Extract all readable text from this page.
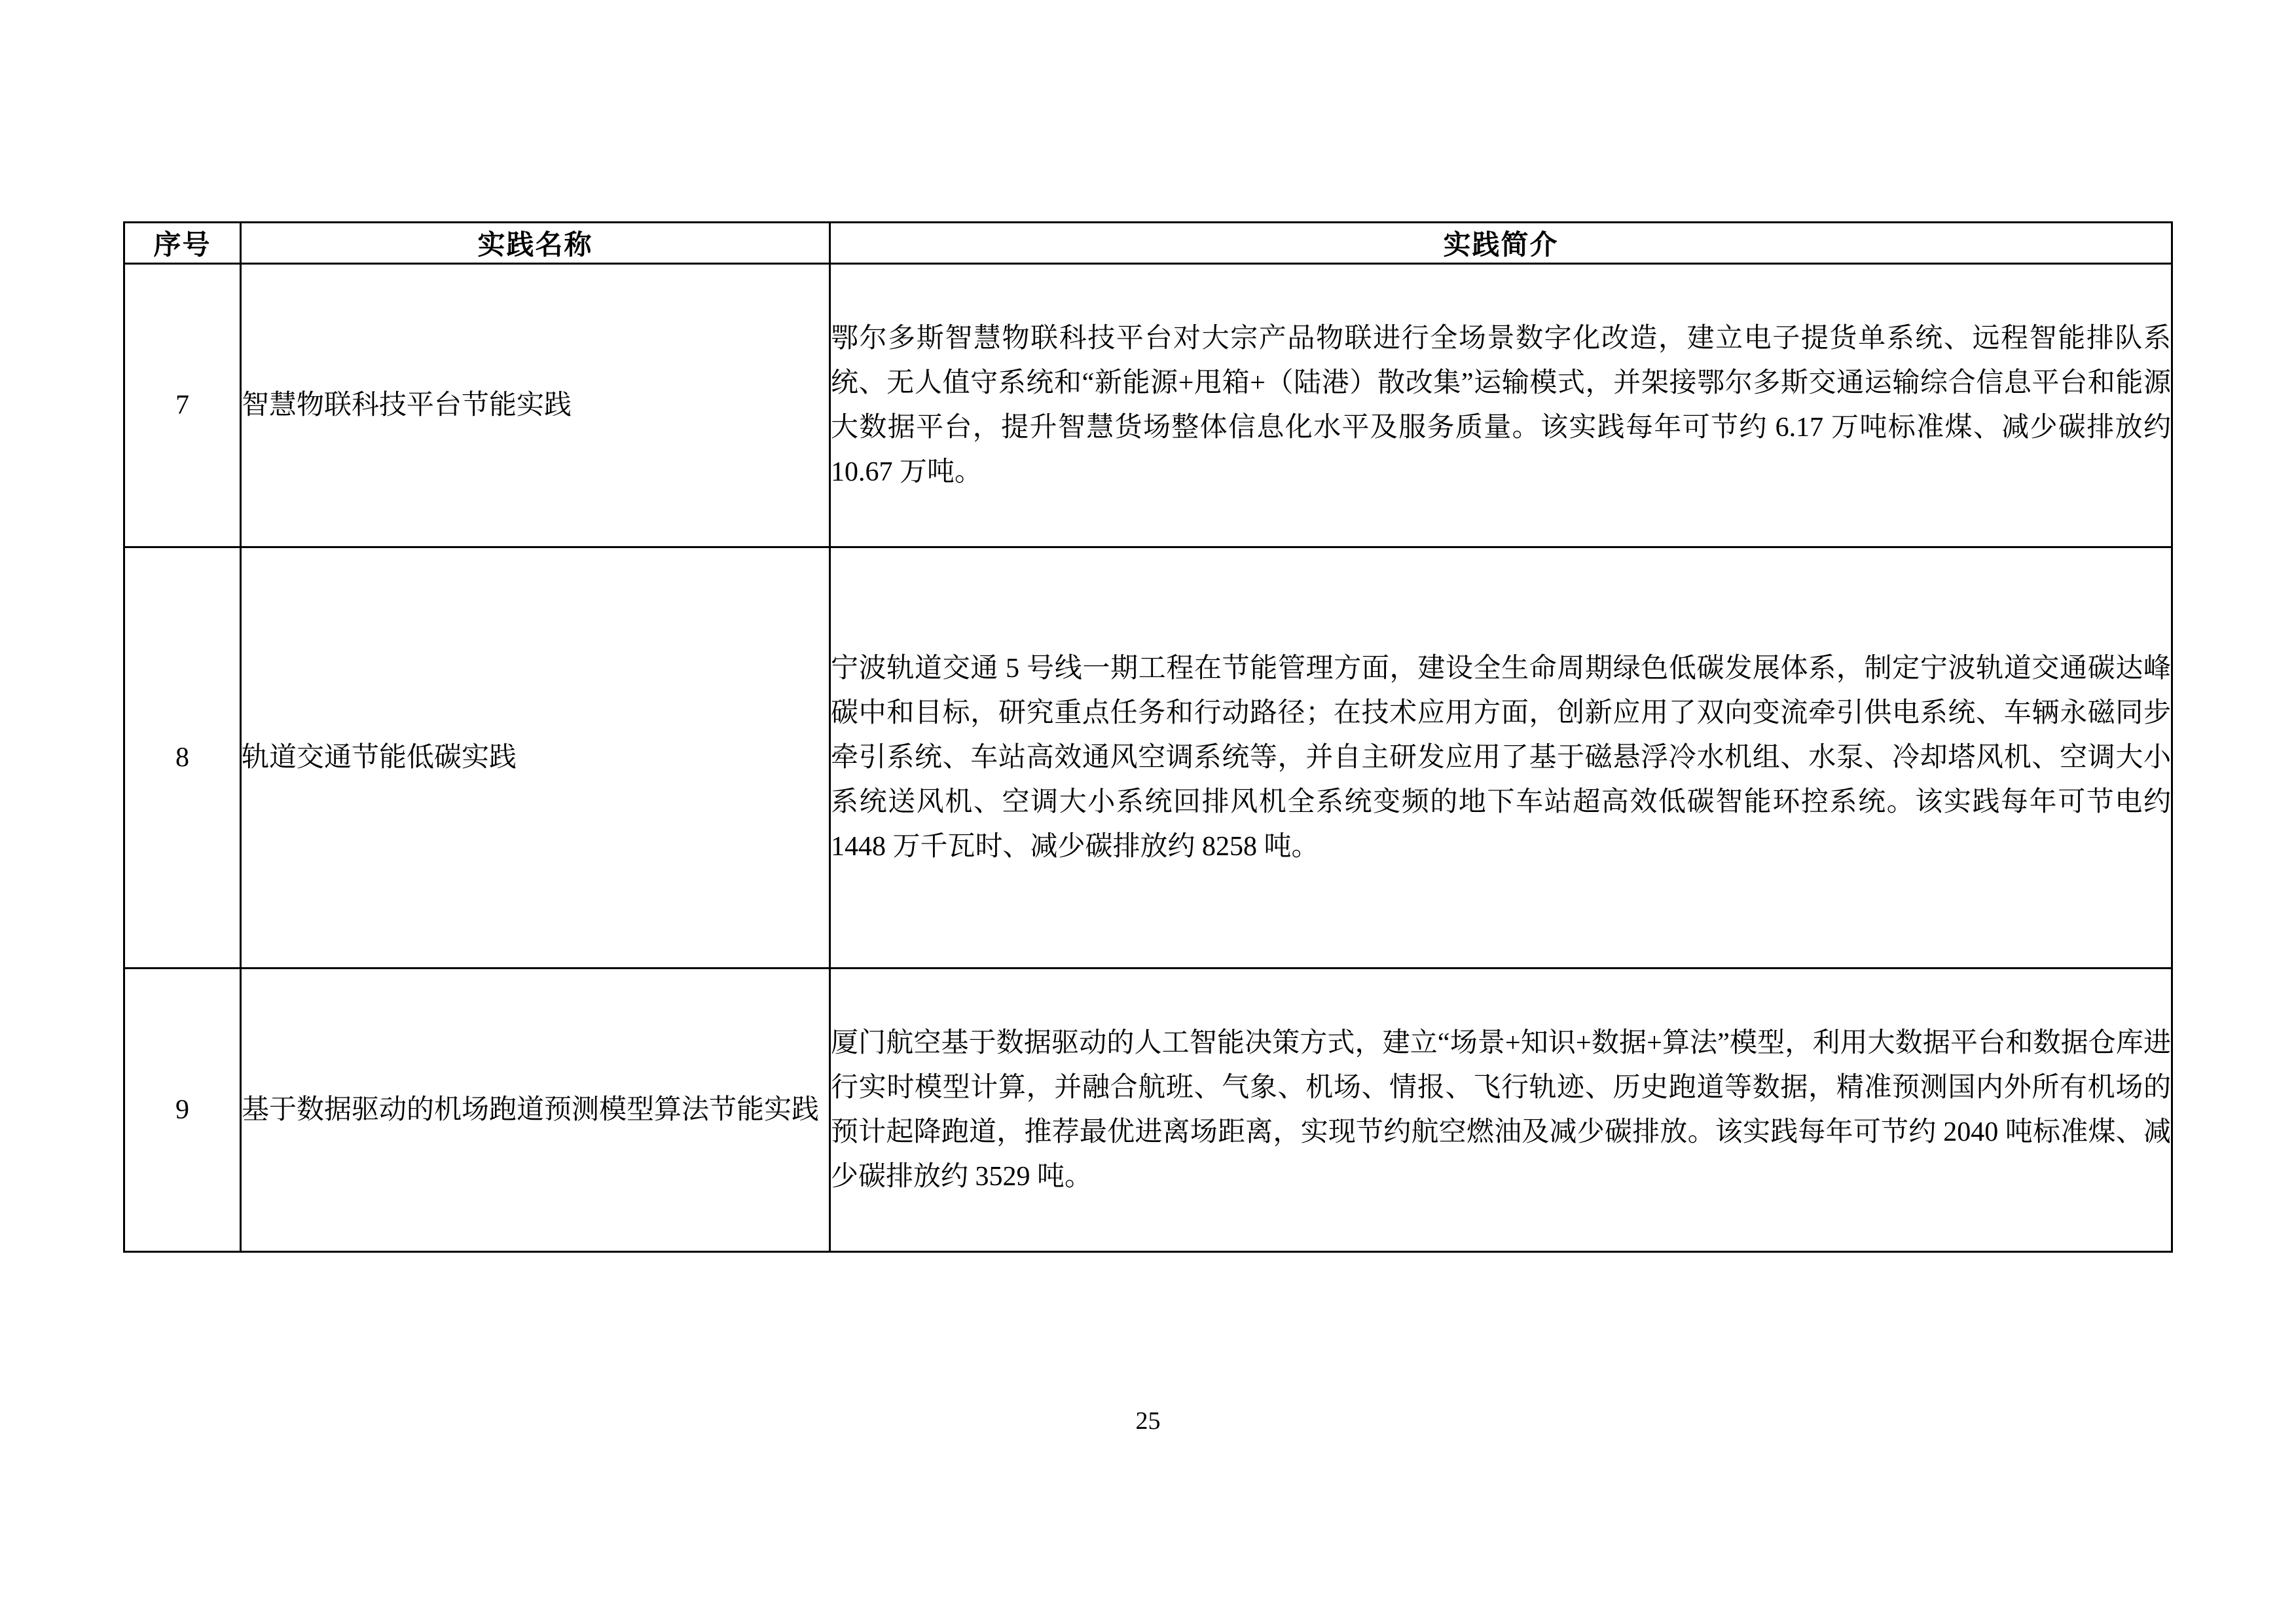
序号	实践名称	实践简介
7	智慧物联科技平台节能实践	鄂尔多斯智慧物联科技平台对大宗产品物联进行全场景数字化改造，建立电子提货单系统、远程智能排队系统、无人值守系统和“新能源+甩箱+（陆港）散改集”运输模式，并架接鄂尔多斯交通运输综合信息平台和能源大数据平台，提升智慧货场整体信息化水平及服务质量。该实践每年可节约 6.17 万吨标准煤、减少碳排放约 10.67 万吨。
8	轨道交通节能低碳实践	宁波轨道交通 5 号线一期工程在节能管理方面，建设全生命周期绿色低碳发展体系，制定宁波轨道交通碳达峰碳中和目标，研究重点任务和行动路径；在技术应用方面，创新应用了双向变流牵引供电系统、车辆永磁同步牵引系统、车站高效通风空调系统等，并自主研发应用了基于磁悬浮冷水机组、水泵、冷却塔风机、空调大小系统送风机、空调大小系统回排风机全系统变频的地下车站超高效低碳智能环控系统。该实践每年可节电约 1448 万千瓦时、减少碳排放约 8258 吨。
9	基于数据驱动的机场跑道预测模型算法节能实践	厦门航空基于数据驱动的人工智能决策方式，建立“场景+知识+数据+算法”模型，利用大数据平台和数据仓库进行实时模型计算，并融合航班、气象、机场、情报、飞行轨迹、历史跑道等数据，精准预测国内外所有机场的预计起降跑道，推荐最优进离场距离，实现节约航空燃油及减少碳排放。该实践每年可节约 2040 吨标准煤、减少碳排放约 3529 吨。
25
